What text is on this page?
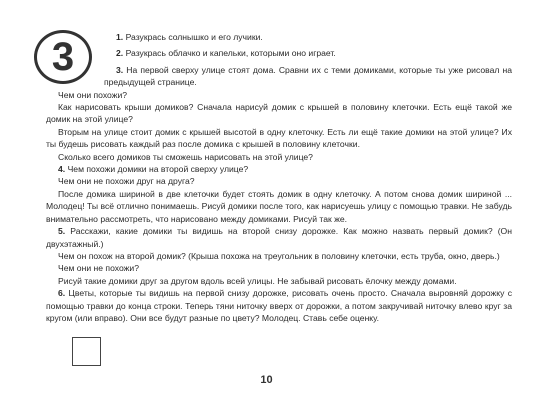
3	1. Разукрась солнышко и его лучики.

2. Разукрась облачко и капельки, которыми оно играет.

3. На первой сверху улице стоят дома. Сравни их с теми домиками, которые ты уже рисовал на предыдущей странице.

Чем они похожи?

Как нарисовать крыши домиков? Сначала нарисуй домик с крышей в половину клеточки. Есть ещё такой же домик на этой улице?

Вторым на улице стоит домик с крышей высотой в одну клеточку. Есть ли ещё такие домики на этой улице? Их ты будешь рисовать каждый раз после домика с крышей в половину клеточки.

Сколько всего домиков ты сможешь нарисовать на этой улице?

4. Чем похожи домики на второй сверху улице?

Чем они не похожи друг на друга?

После домика шириной в две клеточки будет стоять домик в одну клеточку. А потом снова домик шириной ... Молодец! Ты всё отлично понимаешь. Рисуй домики после того, как нарисуешь улицу с помощью травки. Не забудь внимательно рассмотреть, что нарисовано между домиками. Рисуй так же.

5. Расскажи, какие домики ты видишь на второй снизу дорожке. Как можно назвать первый домик? (Он двухэтажный.)

Чем он похож на второй домик? (Крыша похожа на треугольник в половину клеточки, есть труба, окно, дверь.)

Чем они не похожи?

Рисуй такие домики друг за другом вдоль всей улицы. Не забывай рисовать ёлочку между домами.

6. Цветы, которые ты видишь на первой снизу дорожке, рисовать очень просто. Сначала выровняй дорожку с помощью травки до конца строки. Теперь тяни ниточку вверх от дорожки, а потом закручивай ниточку влево круг за кругом (или вправо). Они все будут разные по цвету? Молодец. Ставь себе оценку.

10
